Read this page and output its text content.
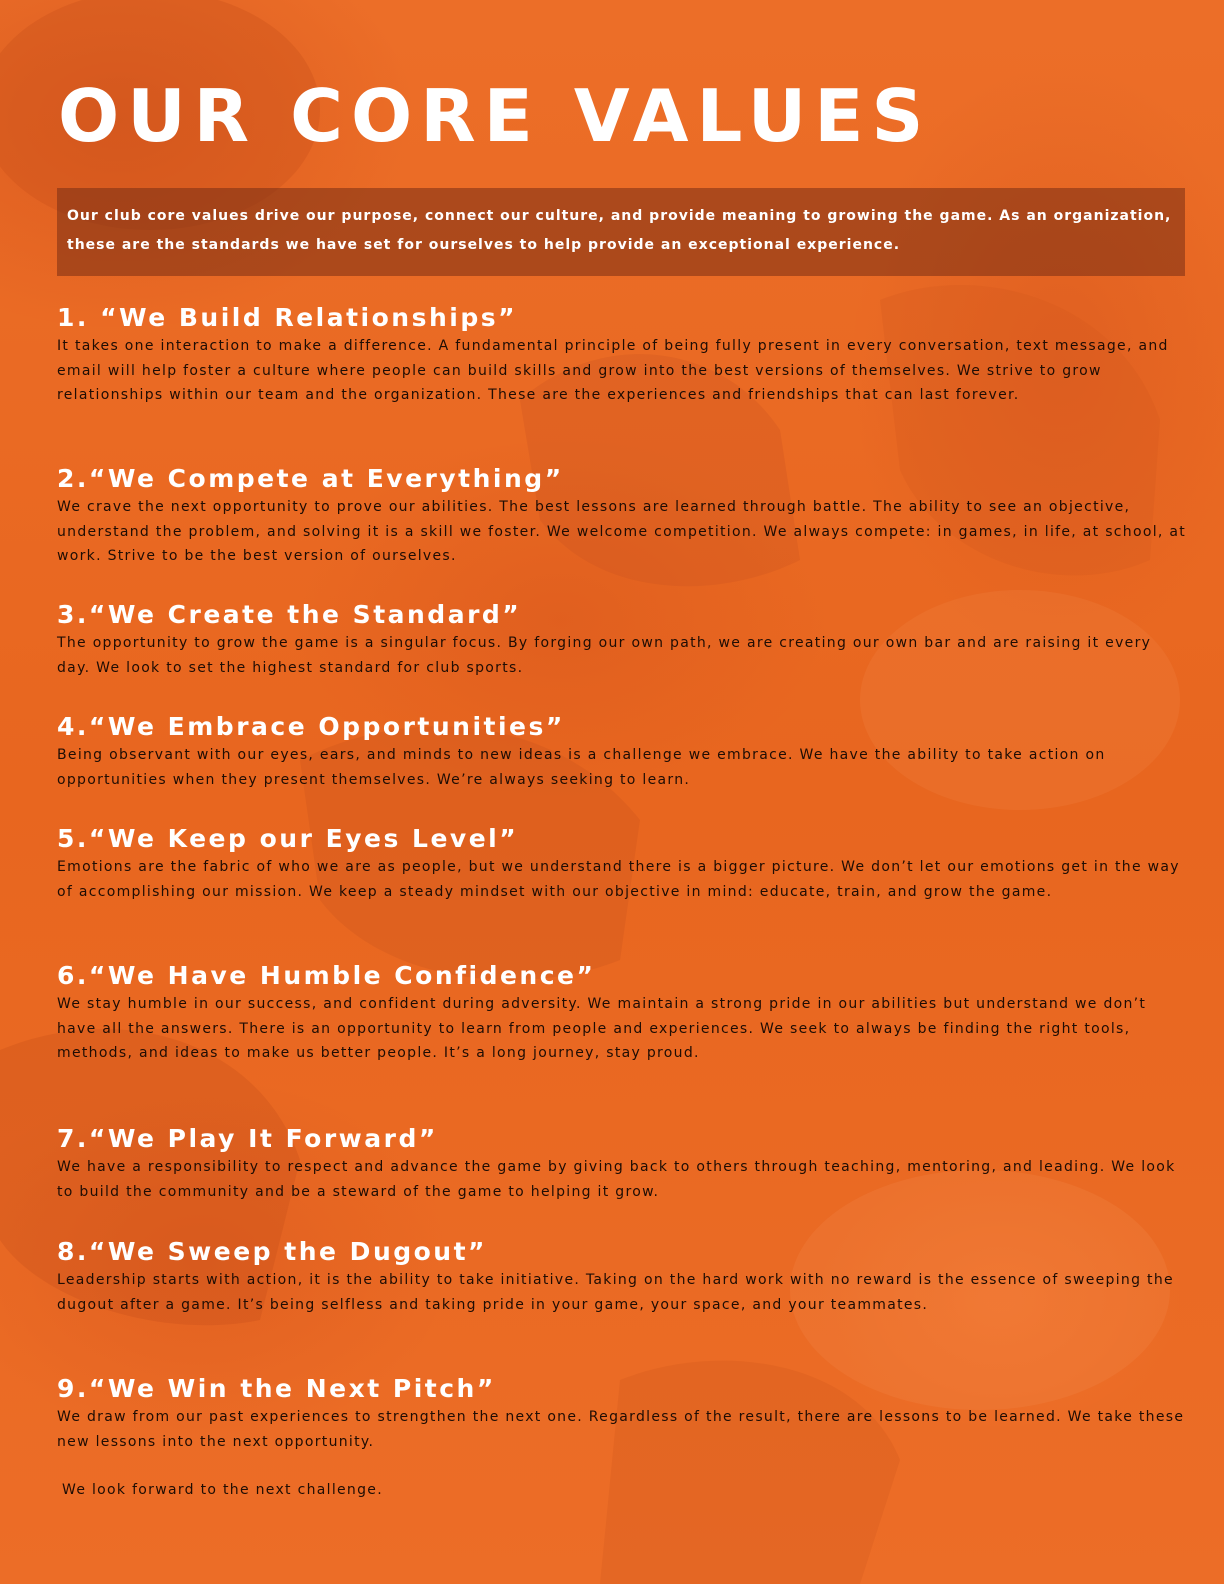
OUR CORE VALUES

Our club core values drive our purpose, connect our culture, and provide meaning to growing the game. As an organization, these are the standards we have set for ourselves to help provide an exceptional experience.

1. “We Build Relationships”

It takes one interaction to make a difference. A fundamental principle of being fully present in every conversation, text message, and email will help foster a culture where people can build skills and grow into the best versions of themselves. We strive to grow relationships within our team and the organization. These are the experiences and friendships that can last forever.

2.“We Compete at Everything”

We crave the next opportunity to prove our abilities. The best lessons are learned through battle. The ability to see an objective, understand the problem, and solving it is a skill we foster. We welcome competition. We always compete: in games, in life, at school, at work. Strive to be the best version of ourselves.

3.“We Create the Standard”

The opportunity to grow the game is a singular focus. By forging our own path, we are creating our own bar and are raising it every day. We look to set the highest standard for club sports.

4.“We Embrace Opportunities”

Being observant with our eyes, ears, and minds to new ideas is a challenge we embrace. We have the ability to take action on opportunities when they present themselves. We’re always seeking to learn.

5.“We Keep our Eyes Level”

Emotions are the fabric of who we are as people, but we understand there is a bigger picture. We don’t let our emotions get in the way of accomplishing our mission. We keep a steady mindset with our objective in mind: educate, train, and grow the game.

6.“We Have Humble Confidence”

We stay humble in our success, and confident during adversity. We maintain a strong pride in our abilities but understand we don’t have all the answers. There is an opportunity to learn from people and experiences. We seek to always be finding the right tools, methods, and ideas to make us better people. It’s a long journey, stay proud.

7.“We Play It Forward”

We have a responsibility to respect and advance the game by giving back to others through teaching, mentoring, and leading. We look to build the community and be a steward of the game to helping it grow.

8.“We Sweep the Dugout”

Leadership starts with action, it is the ability to take initiative. Taking on the hard work with no reward is the essence of sweeping the dugout after a game. It’s being selfless and taking pride in your game, your space, and your teammates.

9.“We Win the Next Pitch”

We draw from our past experiences to strengthen the next one. Regardless of the result, there are lessons to be learned. We take these new lessons into the next opportunity.

We look forward to the next challenge.
